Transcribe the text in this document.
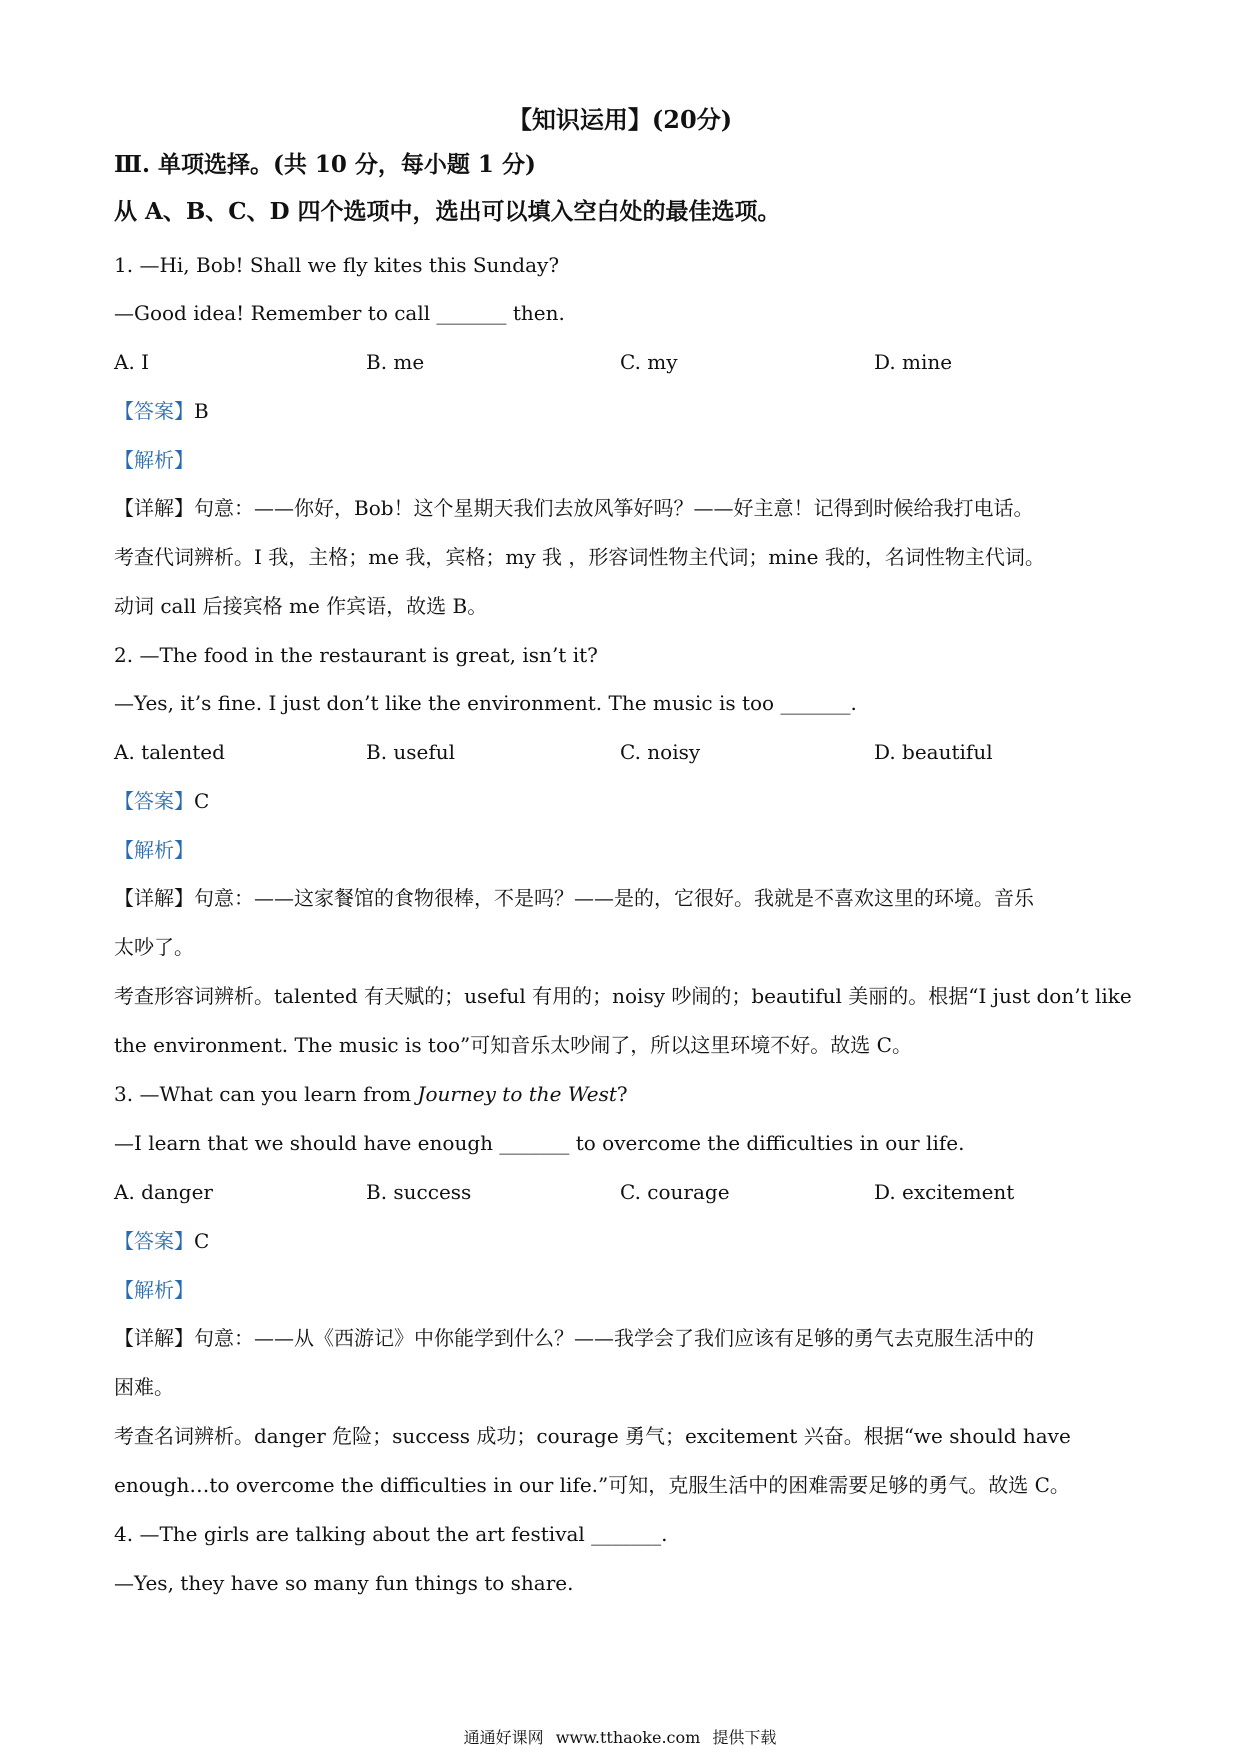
【知识运用】(20分)
Ⅲ. 单项选择。(共 10 分，每小题 1 分)
从 A、B、C、D 四个选项中，选出可以填入空白处的最佳选项。
1. —Hi, Bob! Shall we fly kites this Sunday?
—Good idea! Remember to call _______ then.
A. I	B. me	C. my	D. mine
【答案】B
【解析】
【详解】句意：——你好，Bob！这个星期天我们去放风筝好吗？——好主意！记得到时候给我打电话。
考查代词辨析。I 我，主格；me 我，宾格；my 我 ，形容词性物主代词；mine 我的，名词性物主代词。
动词 call 后接宾格 me 作宾语，故选 B。
2. —The food in the restaurant is great, isn’t it?
—Yes, it’s fine. I just don’t like the environment. The music is too _______.
A. talented	B. useful	C. noisy	D. beautiful
【答案】C
【解析】
【详解】句意：——这家餐馆的食物很棒，不是吗？——是的，它很好。我就是不喜欢这里的环境。音乐
太吵了。
考查形容词辨析。talented 有天赋的；useful 有用的；noisy 吵闹的；beautiful 美丽的。根据“I just don’t like
the environment. The music is too”可知音乐太吵闹了，所以这里环境不好。故选 C。
3. —What can you learn from Journey to the West?
—I learn that we should have enough _______ to overcome the difficulties in our life.
A. danger	B. success	C. courage	D. excitement
【答案】C
【解析】
【详解】句意：——从《西游记》中你能学到什么？——我学会了我们应该有足够的勇气去克服生活中的
困难。
考查名词辨析。danger 危险；success 成功；courage 勇气；excitement 兴奋。根据“we should have
enough…to overcome the difficulties in our life.”可知，克服生活中的困难需要足够的勇气。故选 C。
4. —The girls are talking about the art festival _______.
—Yes, they have so many fun things to share.
通通好课网 www.tthaoke.com 提供下载
